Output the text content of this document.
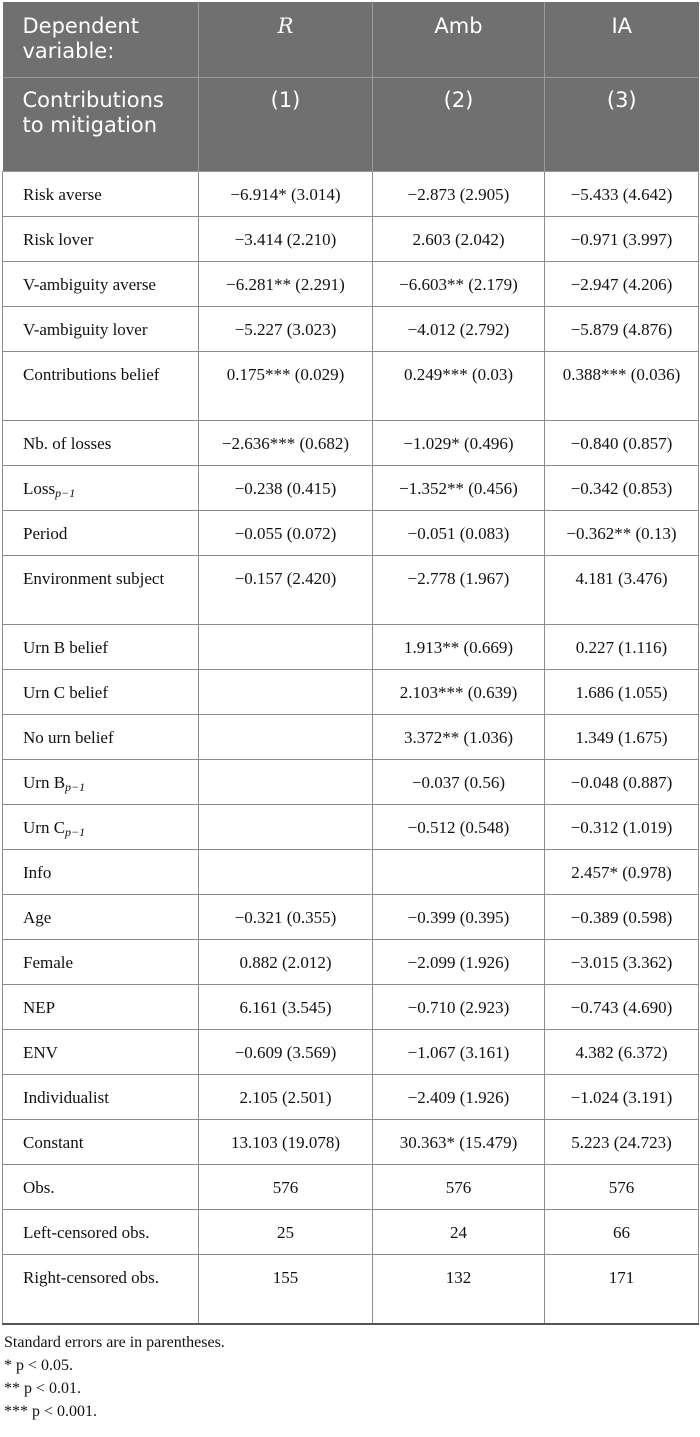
Dependent variable:	R	Amb	IA
Contributions to mitigation	(1)	(2)	(3)
Risk averse	−6.914* (3.014)	−2.873 (2.905)	−5.433 (4.642)
Risk lover	−3.414 (2.210)	2.603 (2.042)	−0.971 (3.997)
V-ambiguity averse	−6.281** (2.291)	−6.603** (2.179)	−2.947 (4.206)
V-ambiguity lover	−5.227 (3.023)	−4.012 (2.792)	−5.879 (4.876)
Contributions belief	0.175*** (0.029)	0.249*** (0.03)	0.388*** (0.036)
Nb. of losses	−2.636*** (0.682)	−1.029* (0.496)	−0.840 (0.857)
Loss$_{p-1}$	−0.238 (0.415)	−1.352** (0.456)	−0.342 (0.853)
Period	−0.055 (0.072)	−0.051 (0.083)	−0.362** (0.13)
Environment subject	−0.157 (2.420)	−2.778 (1.967)	4.181 (3.476)
Urn B belief		1.913** (0.669)	0.227 (1.116)
Urn C belief		2.103*** (0.639)	1.686 (1.055)
No urn belief		3.372** (1.036)	1.349 (1.675)
Urn $B_{p-1}$		−0.037 (0.56)	−0.048 (0.887)
Urn $C_{p-1}$		−0.512 (0.548)	−0.312 (1.019)
Info			2.457* (0.978)
Age	−0.321 (0.355)	−0.399 (0.395)	−0.389 (0.598)
Female	0.882 (2.012)	−2.099 (1.926)	−3.015 (3.362)
NEP	6.161 (3.545)	−0.710 (2.923)	−0.743 (4.690)
ENV	−0.609 (3.569)	−1.067 (3.161)	4.382 (6.372)
Individualist	2.105 (2.501)	−2.409 (1.926)	−1.024 (3.191)
Constant	13.103 (19.078)	30.363* (15.479)	5.223 (24.723)
Obs.	576	576	576
Left-censored obs.	25	24	66
Right-censored obs.	155	132	171
Standard errors are in parentheses.
* p < 0.05.
** p < 0.01.
*** p < 0.001.
